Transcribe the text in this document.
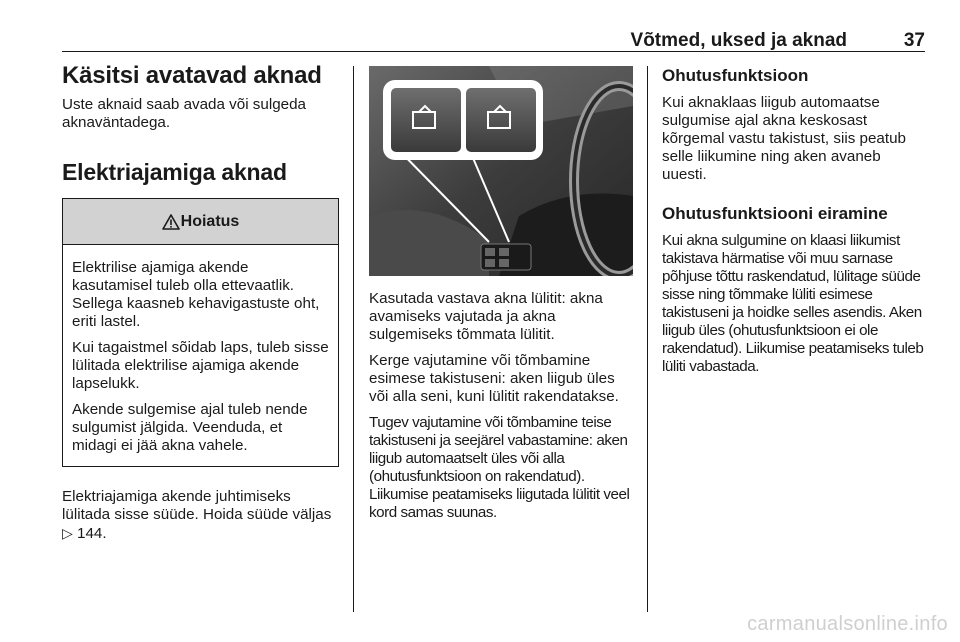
Võtmed, uksed ja aknad	37
Käsitsi avatavad aknad

Uste aknaid saab avada või sulgeda aknaväntadega.

Elektriajamiga aknad
Hoiatus

Elektrilise ajamiga akende kasutamisel tuleb olla ettevaatlik. Sellega kaasneb kehavigastuste oht, eriti lastel.

Kui tagaistmel sõidab laps, tuleb sisse lülitada elektrilise ajamiga akende lapselukk.

Akende sulgemise ajal tuleb nende sulgumist jälgida. Veenduda, et midagi ei jää akna vahele.

Elektriajamiga akende juhtimiseks lülitada sisse süüde. Hoida süüde väljas ▷ 144.

Kasutada vastava akna lülitit: akna avamiseks vajutada ja akna sulgemiseks tõmmata lülitit.

Kerge vajutamine või tõmbamine esimese takistuseni: aken liigub üles või alla seni, kuni lülitit rakendatakse.

Tugev vajutamine või tõmbamine teise takistuseni ja seejärel vabastamine: aken liigub automaatselt üles või alla (ohutusfunktsioon on rakendatud). Liikumise peatamiseks liigutada lülitit veel kord samas suunas.

Ohutusfunktsioon

Kui aknaklaas liigub automaatse sulgumise ajal akna keskosast kõrgemal vastu takistust, siis peatub selle liikumine ning aken avaneb uuesti.

Ohutusfunktsiooni eiramine

Kui akna sulgumine on klaasi liikumist takistava härmatise või muu sarnase põhjuse tõttu raskendatud, lülitage süüde sisse ning tõmmake lüliti esimese takistuseni ja hoidke selles asendis. Aken liigub üles (ohutusfunktsioon ei ole rakendatud). Liikumise peatamiseks tuleb lüliti vabastada.

carmanualsonline.info
